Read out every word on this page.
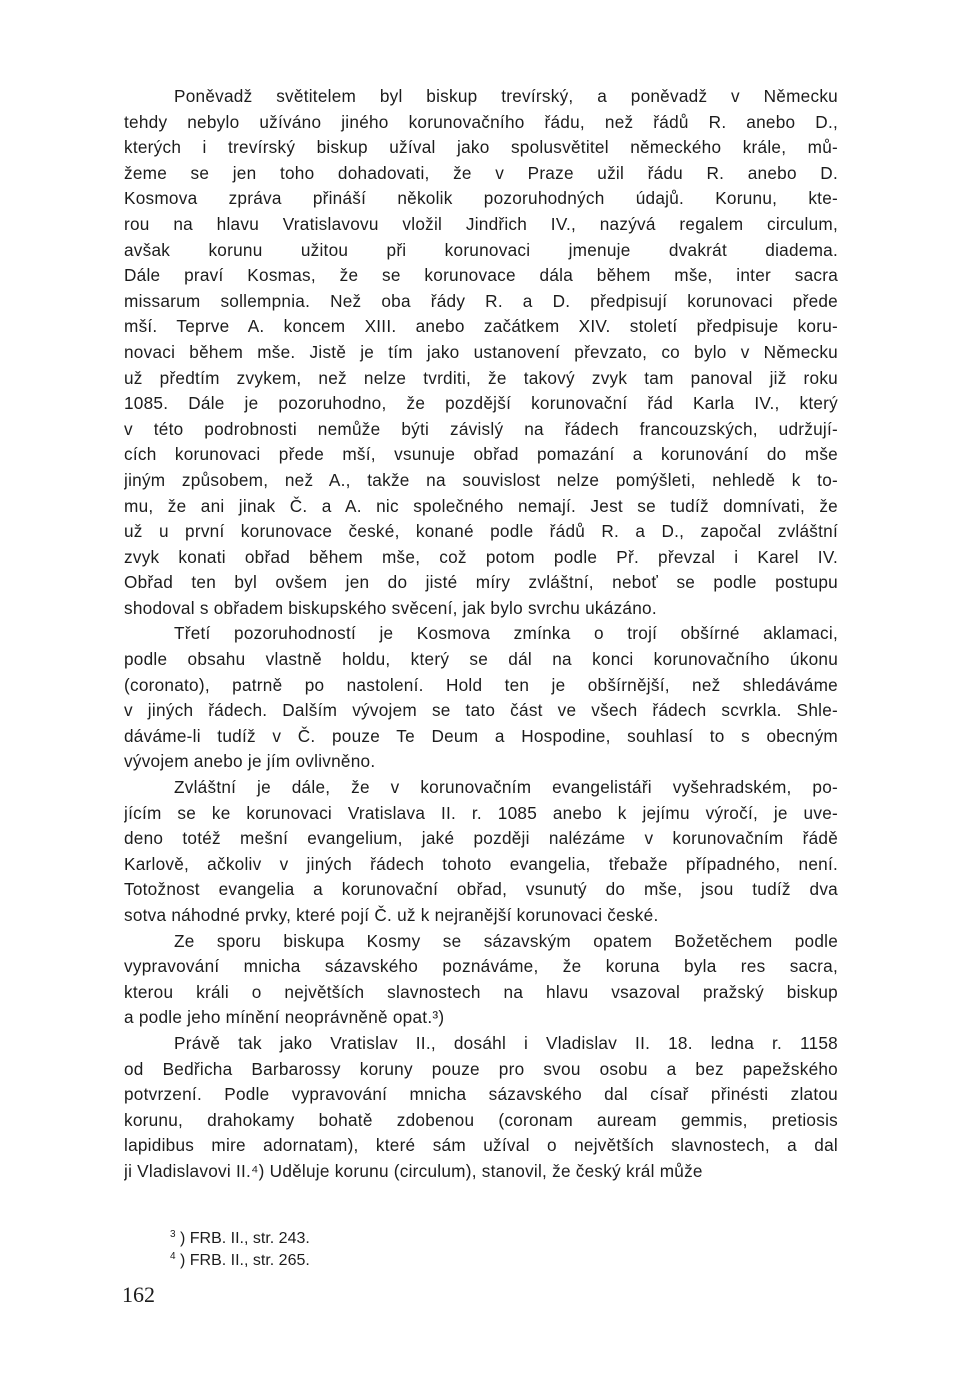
Poněvadž světitelem byl biskup trevírský, a poněvadž v Německu
tehdy nebylo užíváno jiného korunovačního řádu, než řádů R. anebo D.,
kterých i trevírský biskup užíval jako spolusvětitel německého krále, mů-
žeme se jen toho dohadovati, že v Praze užil řádu R. anebo D.
Kosmova zpráva přináší několik pozoruhodných údajů. Korunu, kte-
rou na hlavu Vratislavovu vložil Jindřich IV., nazývá regalem circulum,
avšak korunu užitou při korunovaci jmenuje dvakrát diadema.
Dále praví Kosmas, že se korunovace dála během mše, inter sacra
missarum sollempnia. Než oba řády R. a D. předpisují korunovaci přede
mší. Teprve A. koncem XIII. anebo začátkem XIV. století předpisuje koru-
novaci během mše. Jistě je tím jako ustanovení převzato, co bylo v Německu
už předtím zvykem, než nelze tvrditi, že takový zvyk tam panoval již roku
1085. Dále je pozoruhodno, že pozdější korunovační řád Karla IV., který
v této podrobnosti nemůže býti závislý na řádech francouzských, udržují-
cích korunovaci přede mší, vsunuje obřad pomazání a korunování do mše
jiným způsobem, než A., takže na souvislost nelze pomýšleti, nehledě k to-
mu, že ani jinak Č. a A. nic společného nemají. Jest se tudíž domnívati, že
už u první korunovace české, konané podle řádů R. a D., započal zvláštní
zvyk konati obřad během mše, což potom podle Př. převzal i Karel IV.
Obřad ten byl ovšem jen do jisté míry zvláštní, neboť se podle postupu
shodoval s obřadem biskupského svěcení, jak bylo svrchu ukázáno.
Třetí pozoruhodností je Kosmova zmínka o trojí obšírné aklamaci,
podle obsahu vlastně holdu, který se dál na konci korunovačního úkonu
(coronato), patrně po nastolení. Hold ten je obšírnější, než shledáváme
v jiných řádech. Dalším vývojem se tato část ve všech řádech scvrkla. Shle-
dáváme-li tudíž v Č. pouze Te Deum a Hospodine, souhlasí to s obecným
vývojem anebo je jím ovlivněno.
Zvláštní je dále, že v korunovačním evangelistáři vyšehradském, po-
jícím se ke korunovaci Vratislava II. r. 1085 anebo k jejímu výročí, je uve-
deno totéž mešní evangelium, jaké později nalézáme v korunovačním řádě
Karlově, ačkoliv v jiných řádech tohoto evangelia, třebaže případného, není.
Totožnost evangelia a korunovační obřad, vsunutý do mše, jsou tudíž dva
sotva náhodné prvky, které pojí Č. už k nejranější korunovaci české.
Ze sporu biskupa Kosmy se sázavským opatem Božetěchem podle
vypravování mnicha sázavského poznáváme, že koruna byla res sacra,
kterou králi o největších slavnostech na hlavu vsazoval pražský biskup
a podle jeho mínění neoprávněně opat.³)
Právě tak jako Vratislav II., dosáhl i Vladislav II. 18. ledna r. 1158
od Bedřicha Barbarossy koruny pouze pro svou osobu a bez papežského
potvrzení. Podle vypravování mnicha sázavského dal císař přinésti zlatou
korunu, drahokamy bohatě zdobenou (coronam auream gemmis, pretiosis
lapidibus mire adornatam), které sám užíval o největších slavnostech, a dal
ji Vladislavovi II.⁴) Uděluje korunu (circulum), stanovil, že český král může
3 ) FRB. II., str. 243.
4 ) FRB. II., str. 265.
162
